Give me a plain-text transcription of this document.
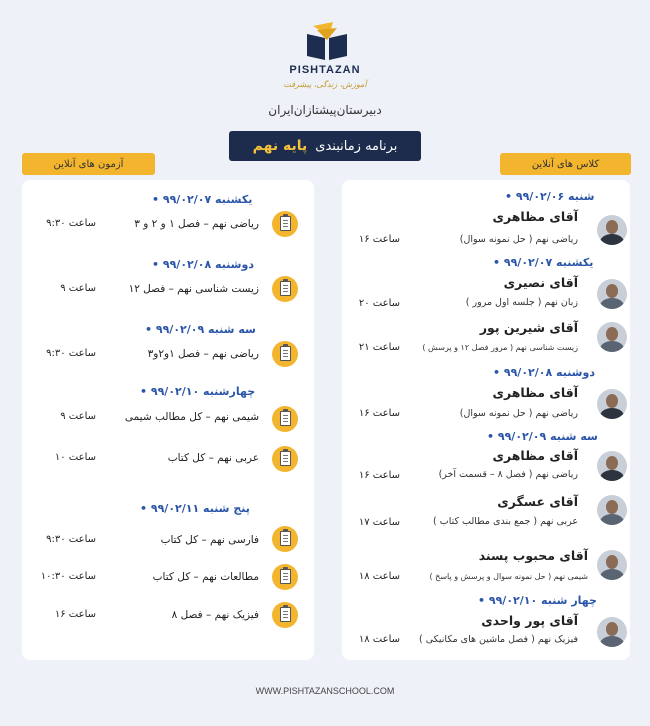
PISHTAZAN
آموزش، زندگی، پیشرفت
دبیرستان‌پیشتازان‌ایران
برنامه زمانبندی
پایه نهم
آزمون های آنلاین	کلاس های آنلاین
• یکشنبه ۹۹/۰۲/۰۷
ریاضی نهم – فصل ۱ و ۲ و ۳
ساعت ۹:۳۰
• دوشنبه ۹۹/۰۲/۰۸
زیست شناسی نهم – فصل ۱۲
ساعت ۹
• سه شنبه ۹۹/۰۲/۰۹
ریاضی نهم – فصل ۱و۲و۳
ساعت ۹:۳۰
• چهارشنبه ۹۹/۰۲/۱۰
شیمی نهم – کل مطالب شیمی
ساعت ۹
عربی نهم – کل کتاب
ساعت ۱۰
• پنج شنبه ۹۹/۰۲/۱۱
فارسی نهم – کل کتاب
ساعت ۹:۳۰
مطالعات نهم – کل کتاب
ساعت ۱۰:۳۰
فیزیک نهم – فصل ۸
ساعت ۱۶
• شنبه ۹۹/۰۲/۰۶
آقای مظاهری
ریاضی نهم ( حل نمونه سوال)
ساعت ۱۶
• یکشنبه ۹۹/۰۲/۰۷
آقای نصیری
زبان نهم ( جلسه اول مرور )
ساعت ۲۰
آقای شیرین پور
زیست شناسی نهم ( مرور فصل ۱۲ و پرسش )
ساعت ۲۱
• دوشنبه ۹۹/۰۲/۰۸
آقای مظاهری
ریاضی نهم ( حل نمونه سوال)
ساعت ۱۶
• سه شنبه ۹۹/۰۲/۰۹
آقای مظاهری
ریاضی نهم ( فصل ۸ – قسمت آخر)
ساعت ۱۶
آقای عسگری
عربی نهم ( جمع بندی مطالب کتاب )
ساعت ۱۷
آقای محبوب پسند
شیمی نهم ( حل نمونه سوال و پرسش و پاسخ )
ساعت ۱۸
• چهار شنبه ۹۹/۰۲/۱۰
آقای پور واحدی
فیزیک نهم ( فصل ماشین های مکانیکی )
ساعت ۱۸
WWW.PISHTAZANSCHOOL.COM
